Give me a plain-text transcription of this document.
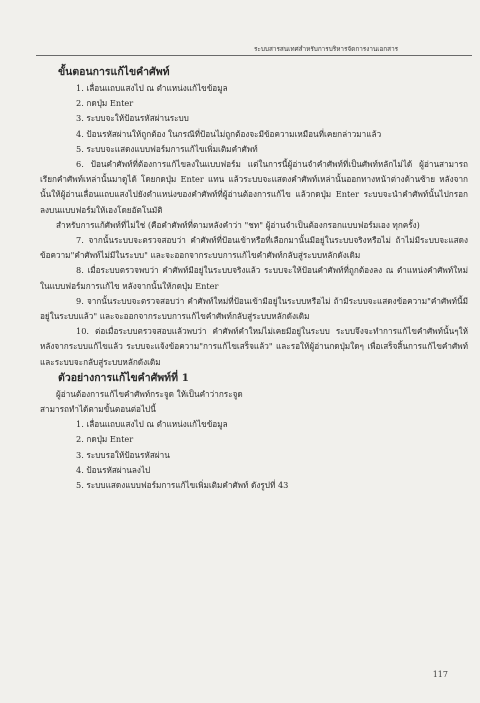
ระบบสารสนเทศสำหรับการบริหารจัดการงานเอกสาร
ขั้นตอนการแก้ไขคำศัพท์
1. เลื่อนแถบแสงไป ณ ตำแหน่งแก้ไขข้อมูล
2. กดปุ่ม Enter
3. ระบบจะให้ป้อนรหัสผ่านระบบ
4. ป้อนรหัสผ่านให้ถูกต้อง ในกรณีที่ป้อนไม่ถูกต้องจะมีข้อความเหมือนที่เคยกล่าวมาแล้ว
5. ระบบจะแสดงแบบฟอร์มการแก้ไขเพิ่มเติมคำศัพท์
6. ป้อนคำศัพท์ที่ต้องการแก้ไขลงในแบบฟอร์ม แต่ในการนี้ผู้อ่านจำคำศัพท์ที่เป็นศัพท์หลักไม่ได้ ผู้อ่านสามารถเรียกคำศัพท์เหล่านั้นมาดูได้ โดยกดปุ่ม Enter แทน แล้วระบบจะแสดงคำศัพท์เหล่านั้นออกทางหน้าต่างด้านซ้าย หลังจากนั้นให้ผู้อ่านเลื่อนแถบแสงไปยังตำแหน่งของคำศัพท์ที่ผู้อ่านต้องการแก้ไข แล้วกดปุ่ม Enter ระบบจะนำคำศัพท์นั้นไปกรอกลงบนแบบฟอร์มให้เองโดยอัตโนมัติ
สำหรับการแก้ศัพท์ที่ไม่ใช่ (คือคำศัพท์ที่ตามหลังคำว่า "ชท" ผู้อ่านจำเป็นต้องกรอกแบบฟอร์มเอง ทุกครั้ง)
7. จากนั้นระบบจะตรวจสอบว่า คำศัพท์ที่ป้อนเข้าหรือที่เลือกมานั้นมีอยู่ในระบบจริงหรือไม่ ถ้าไม่มีระบบจะแสดงข้อความ"คำศัพท์ไม่มีในระบบ" และจะออกจากระบบการแก้ไขคำศัพท์กลับสู่ระบบหลักดังเดิม
8. เมื่อระบบตรวจพบว่า คำศัพท์มีอยู่ในระบบจริงแล้ว ระบบจะให้ป้อนคำศัพท์ที่ถูกต้องลง ณ ตำแหน่งคำศัพท์ใหม่ในแบบฟอร์มการแก้ไข หลังจากนั้นให้กดปุ่ม Enter
9. จากนั้นระบบจะตรวจสอบว่า คำศัพท์ใหม่ที่ป้อนเข้ามีอยู่ในระบบหรือไม่ ถ้ามีระบบจะแสดงข้อความ"คำศัพท์นี้มีอยู่ในระบบแล้ว" และจะออกจากระบบการแก้ไขคำศัพท์กลับสู่ระบบหลักดังเดิม
10. ต่อเมื่อระบบตรวจสอบแล้วพบว่า คำศัพท์คำใหม่ไม่เคยมีอยู่ในระบบ ระบบจึงจะทำการแก้ไขคำศัพท์นั้นๆให้ หลังจากระบบแก้ไขแล้ว ระบบจะแจ้งข้อความ"การแก้ไขเสร็จแล้ว" และรอให้ผู้อ่านกดปุ่มใดๆ เพื่อเสร็จสิ้นการแก้ไขคำศัพท์และระบบจะกลับสู่ระบบหลักดังเดิม
ตัวอย่างการแก้ไขคำศัพท์ที่ 1
ผู้อ่านต้องการแก้ไขคำศัพท์กระจูด ให้เป็นคำว่ากระจูด
สามารถทำได้ตามขั้นตอนต่อไปนี้
1. เลื่อนแถบแสงไป ณ ตำแหน่งแก้ไขข้อมูล
2. กดปุ่ม Enter
3. ระบบรอให้ป้อนรหัสผ่าน
4. ป้อนรหัสผ่านลงไป
5. ระบบแสดงแบบฟอร์มการแก้ไขเพิ่มเติมคำศัพท์ ดังรูปที่ 43
117
